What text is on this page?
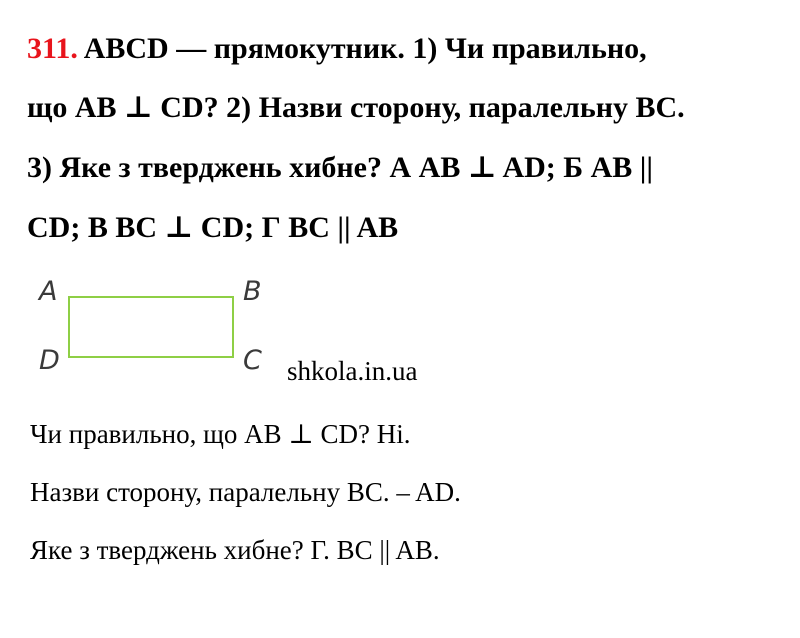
311. ABCD — прямокутник. 1) Чи правильно,
що AB ⊥ CD? 2) Назви сторону, паралельну BC.
3) Яке з тверджень хибне? А AB ⊥ AD; Б AB ||
CD; В BC ⊥ CD; Г BC || AB
A	B
D	C shkola.in.ua
Чи правильно, що AB ⊥ CD? Ні.
Назви сторону, паралельну BC. – AD.
Яке з тверджень хибне? Г. BC || AB.
